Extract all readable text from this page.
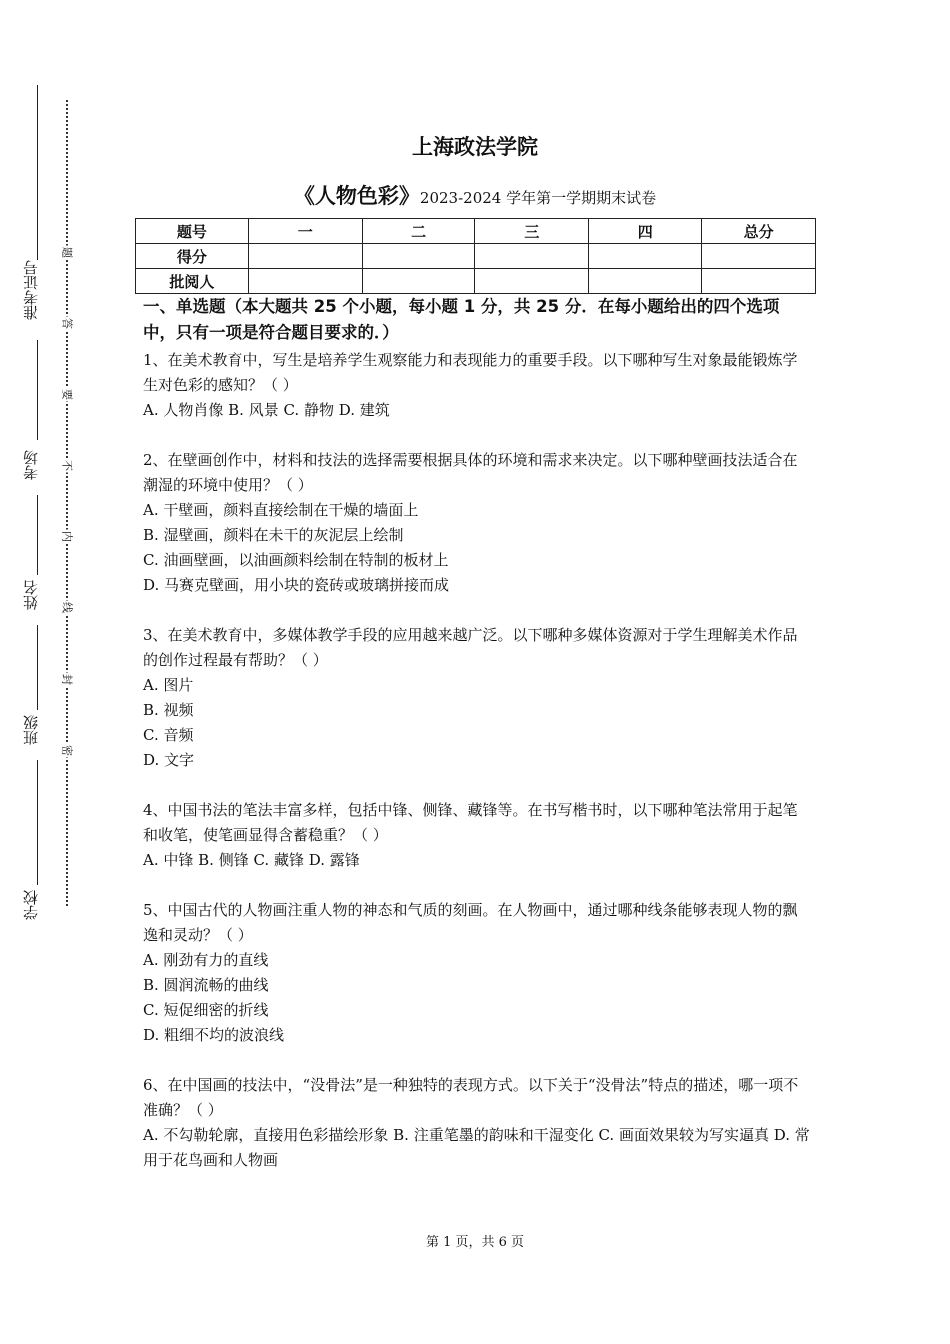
准考证号
考场
姓名
班级
学校
题
答
要
不
内
线
封
密
上海政法学院
《人物色彩》2023-2024 学年第一学期期末试卷
题号	一	二	三	四	总分
得分					
批阅人					
一、单选题（本大题共 25 个小题，每小题 1 分，共 25 分．在每小题给出的四个选项中，只有一项是符合题目要求的．）
1、在美术教育中，写生是培养学生观察能力和表现能力的重要手段。以下哪种写生对象最能锻炼学生对色彩的感知？（ ）
A. 人物肖像 B. 风景 C. 静物 D. 建筑
2、在壁画创作中，材料和技法的选择需要根据具体的环境和需求来决定。以下哪种壁画技法适合在潮湿的环境中使用？（ ）
A. 干壁画，颜料直接绘制在干燥的墙面上
B. 湿壁画，颜料在未干的灰泥层上绘制
C. 油画壁画，以油画颜料绘制在特制的板材上
D. 马赛克壁画，用小块的瓷砖或玻璃拼接而成
3、在美术教育中，多媒体教学手段的应用越来越广泛。以下哪种多媒体资源对于学生理解美术作品的创作过程最有帮助？（ ）
A. 图片
B. 视频
C. 音频
D. 文字
4、中国书法的笔法丰富多样，包括中锋、侧锋、藏锋等。在书写楷书时，以下哪种笔法常用于起笔和收笔，使笔画显得含蓄稳重？（ ）
A. 中锋 B. 侧锋 C. 藏锋 D. 露锋
5、中国古代的人物画注重人物的神态和气质的刻画。在人物画中，通过哪种线条能够表现人物的飘逸和灵动？（ ）
A. 刚劲有力的直线
B. 圆润流畅的曲线
C. 短促细密的折线
D. 粗细不均的波浪线
6、在中国画的技法中，“没骨法”是一种独特的表现方式。以下关于“没骨法”特点的描述，哪一项不准确？（ ）
A. 不勾勒轮廓，直接用色彩描绘形象 B. 注重笔墨的韵味和干湿变化 C. 画面效果较为写实逼真 D. 常用于花鸟画和人物画
第 1 页，共 6 页
